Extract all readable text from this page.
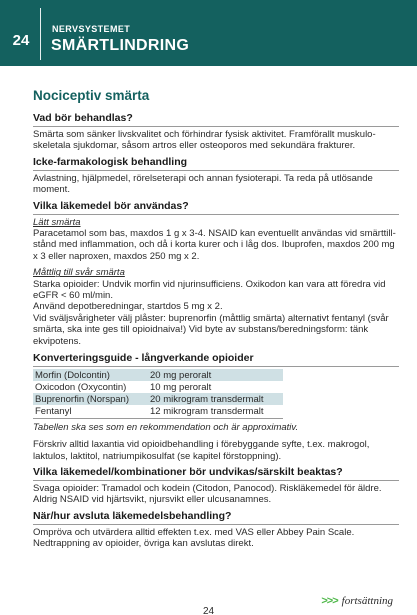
24
NERVSYSTEMET
SMÄRTLINDRING
Nociceptiv smärta
Vad bör behandlas?
Smärta som sänker livskvalitet och förhindrar fysisk aktivitet. Framförallt muskulo-skeletala sjukdomar, såsom artros eller osteoporos med sekundära frakturer.
Icke-farmakologisk behandling
Avlastning, hjälpmedel, rörelseterapi och annan fysioterapi. Ta reda på utlösande moment.
Vilka läkemedel bör användas?
Lätt smärta
Paracetamol som bas, maxdos 1 g x 3-4. NSAID kan eventuellt användas vid smärttill-stånd med inflammation, och då i korta kurer och i låg dos. Ibuprofen, maxdos 200 mg x 3 eller naproxen, maxdos 250 mg x 2.
Måttlig till svår smärta
Starka opioider: Undvik morfin vid njurinsufficiens. Oxikodon kan vara att föredra vid eGFR < 60 ml/min.
Använd depotberedningar, startdos 5 mg x 2.
Vid sväljsvårigheter välj plåster: buprenorfin (måttlig smärta) alternativt fentanyl (svår smärta, ska inte ges till opioidnaiva!) Vid byte av substans/beredningsform: tänk ekvipotens.
Konverteringsguide - långverkande opioider
Morfin (Dolcontin)	20 mg peroralt
Oxicodon (Oxycontin)	10 mg peroralt
Buprenorfin (Norspan)	20 mikrogram transdermalt
Fentanyl	12 mikrogram transdermalt
Tabellen ska ses som en rekommendation och är approximativ.
Förskriv alltid laxantia vid opioidbehandling i förebyggande syfte, t.ex. makrogol, laktulos, laktitol, natriumpikosulfat (se kapitel förstoppning).
Vilka läkemedel/kombinationer bör undvikas/särskilt beaktas?
Svaga opioider: Tramadol och kodein (Citodon, Panocod). Riskläkemedel för äldre.
Aldrig NSAID vid hjärtsvikt, njursvikt eller ulcusanamnes.
När/hur avsluta läkemedelsbehandling?
Ompröva och utvärdera alltid effekten t.ex. med VAS eller Abbey Pain Scale.
Nedtrappning av opioider, övriga kan avslutas direkt.
>>> fortsättning
24
